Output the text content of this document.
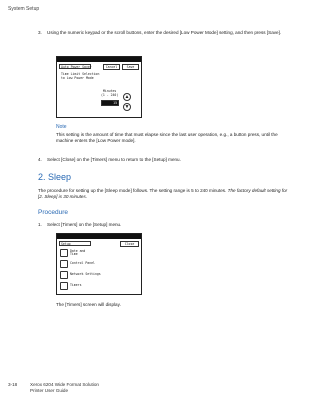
System Setup
3. Using the numeric keypad or the scroll buttons, enter the desired [Low Power Mode] setting, and then press [Save].
Auto Power Saver	Cancel	Save
Time Limit Selection
to Low Power Mode
Minutes
(1 - 240)
15
▲
▼
Note
This setting is the amount of time that must elapse since the last user operation, e.g., a button press, until the machine enters the [Low Power mode].
4. Select [Close] on the [Timers] menu to return to the [Setup] menu.
2. Sleep
The procedure for setting up the [Sleep mode] follows. The setting range is 5 to 240 minutes. The factory default setting for [2. Sleep] is 30 minutes.
Procedure
1. Select [Timers] on the [Setup] menu.
Setup	Close
Date and
Time
Control Panel
Network Settings
Timers
The [Timers] screen will display.
3-18	Xerox 6204 Wide Format Solution
Printer User Guide
